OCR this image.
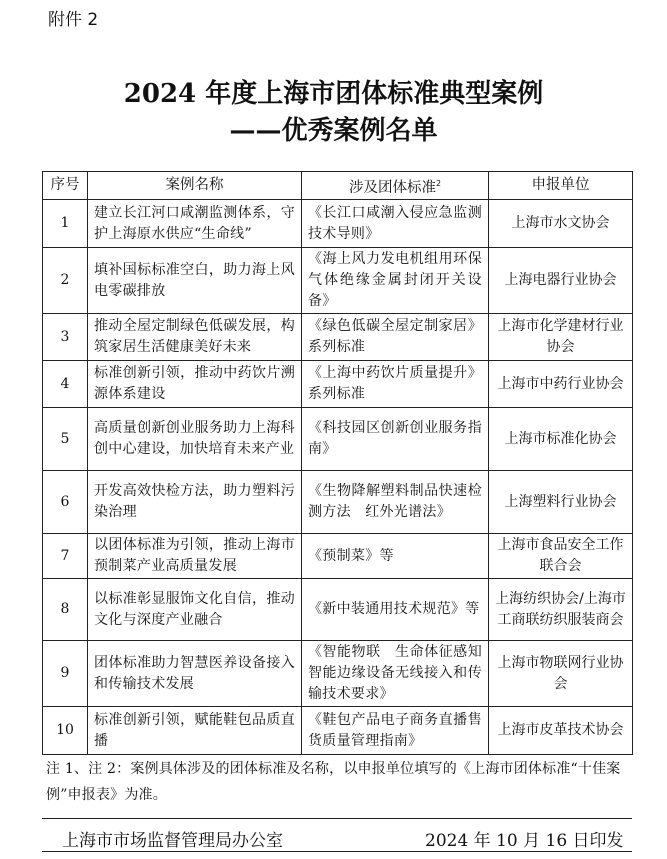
附件 2
2024 年度上海市团体标准典型案例
——优秀案例名单
序号	案例名称	涉及团体标准$^2$	申报单位
1	建立长江河口咸潮监测体系，守护上海原水供应“生命线”	《长江口咸潮入侵应急监测技术导则》	上海市水文协会
2	填补国标标准空白，助力海上风电零碳排放	《海上风力发电机组用环保气体绝缘金属封闭开关设备》	上海电器行业协会
3	推动全屋定制绿色低碳发展，构筑家居生活健康美好未来	《绿色低碳全屋定制家居》系列标准	上海市化学建材行业协会
4	标准创新引领，推动中药饮片溯源体系建设	《上海中药饮片质量提升》系列标准	上海市中药行业协会
5	高质量创新创业服务助力上海科创中心建设，加快培育未来产业	《科技园区创新创业服务指南》	上海市标准化协会
6	开发高效快检方法，助力塑料污染治理	《生物降解塑料制品快速检测方法　红外光谱法》	上海塑料行业协会
7	以团体标准为引领，推动上海市预制菜产业高质量发展	《预制菜》等	上海市食品安全工作联合会
8	以标准彰显服饰文化自信，推动文化与深度产业融合	《新中装通用技术规范》等	上海纺织协会/上海市工商联纺织服装商会
9	团体标准助力智慧医养设备接入和传输技术发展	《智能物联　生命体征感知智能边缘设备无线接入和传输技术要求》	上海市物联网行业协会
10	标准创新引领，赋能鞋包品质直播	《鞋包产品电子商务直播售货质量管理指南》	上海市皮革技术协会
注 1、注 2：案例具体涉及的团体标准及名称，以申报单位填写的《上海市团体标准“十佳案例”申报表》为准。
上海市市场监督管理局办公室	2024 年 10 月 16 日印发
